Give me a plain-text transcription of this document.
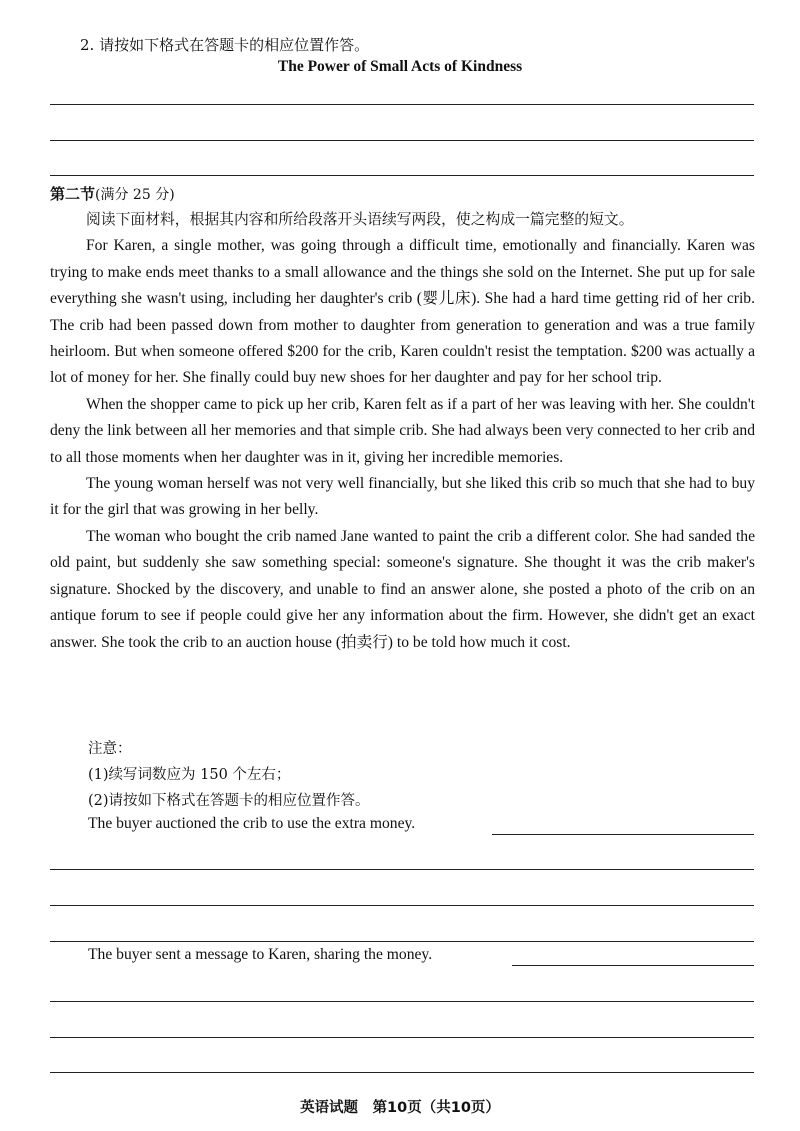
2. 请按如下格式在答题卡的相应位置作答。
The Power of Small Acts of Kindness
第二节(满分 25 分)

阅读下面材料，根据其内容和所给段落开头语续写两段，使之构成一篇完整的短文。

For Karen, a single mother, was going through a difficult time, emotionally and financially. Karen was trying to make ends meet thanks to a small allowance and the things she sold on the Internet. She put up for sale everything she wasn't using, including her daughter's crib (婴儿床). She had a hard time getting rid of her crib. The crib had been passed down from mother to daughter from generation to generation and was a true family heirloom. But when someone offered $200 for the crib, Karen couldn't resist the temptation. $200 was actually a lot of money for her. She finally could buy new shoes for her daughter and pay for her school trip.

When the shopper came to pick up her crib, Karen felt as if a part of her was leaving with her. She couldn't deny the link between all her memories and that simple crib. She had always been very connected to her crib and to all those moments when her daughter was in it, giving her incredible memories.

The young woman herself was not very well financially, but she liked this crib so much that she had to buy it for the girl that was growing in her belly.

The woman who bought the crib named Jane wanted to paint the crib a different color. She had sanded the old paint, but suddenly she saw something special: someone's signature. She thought it was the crib maker's signature. Shocked by the discovery, and unable to find an answer alone, she posted a photo of the crib on an antique forum to see if people could give her any information about the firm. However, she didn't get an exact answer. She took the crib to an auction house (拍卖行) to be told how much it cost.

注意：
(1)续写词数应为 150 个左右；
(2)请按如下格式在答题卡的相应位置作答。
The buyer auctioned the crib to use the extra money.
The buyer sent a message to Karen, sharing the money.
英语试题　第10页（共10页）
